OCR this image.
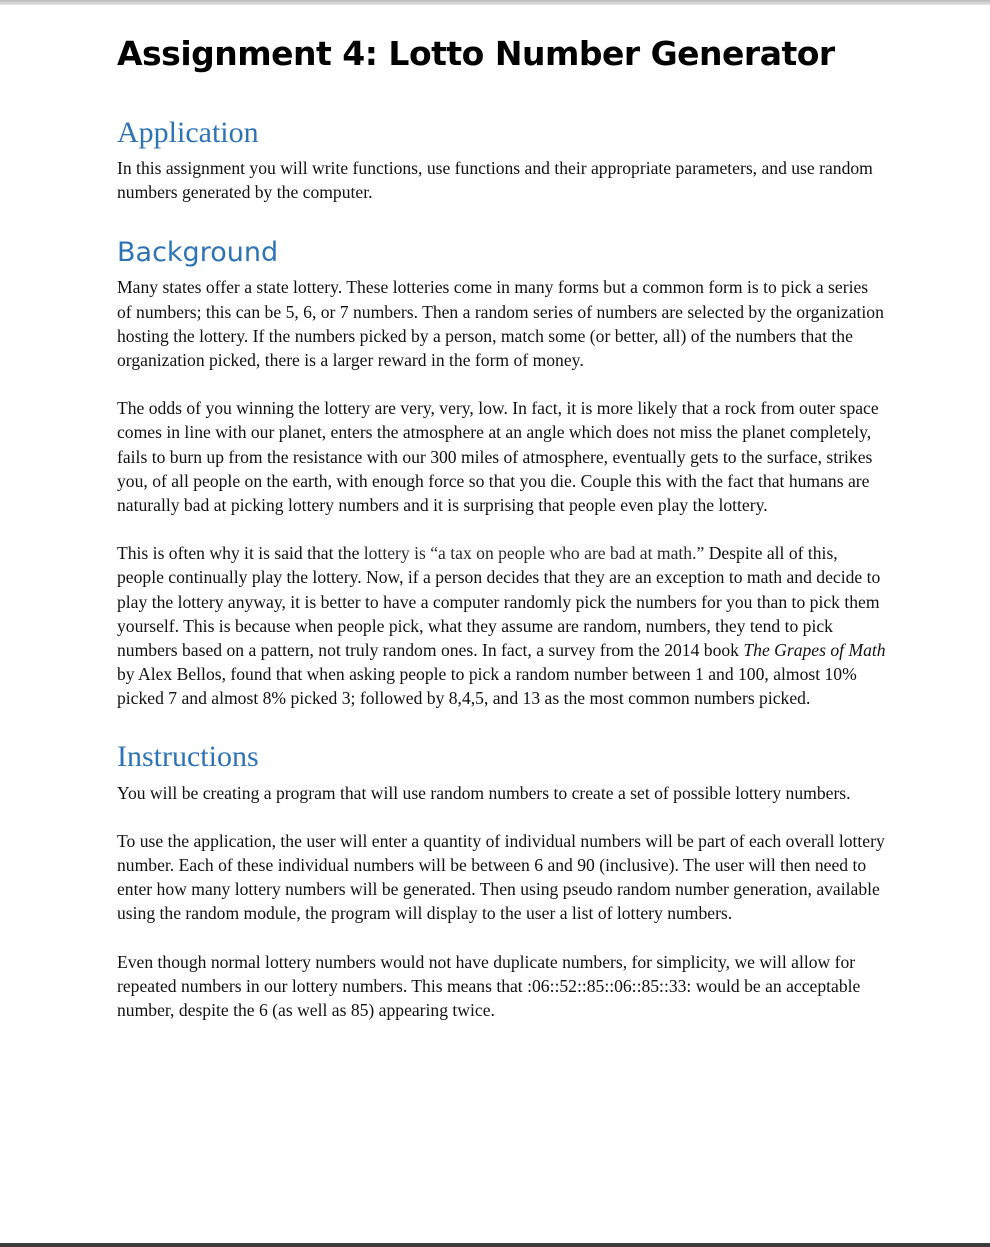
Assignment 4: Lotto Number Generator
Application

In this assignment you will write functions, use functions and their appropriate parameters, and use random numbers generated by the computer.

Background

Many states offer a state lottery. These lotteries come in many forms but a common form is to pick a series of numbers; this can be 5, 6, or 7 numbers. Then a random series of numbers are selected by the organization hosting the lottery. If the numbers picked by a person, match some (or better, all) of the numbers that the organization picked, there is a larger reward in the form of money.

The odds of you winning the lottery are very, very, low. In fact, it is more likely that a rock from outer space comes in line with our planet, enters the atmosphere at an angle which does not miss the planet completely, fails to burn up from the resistance with our 300 miles of atmosphere, eventually gets to the surface, strikes you, of all people on the earth, with enough force so that you die. Couple this with the fact that humans are naturally bad at picking lottery numbers and it is surprising that people even play the lottery.

This is often why it is said that the lottery is “a tax on people who are bad at math.” Despite all of this, people continually play the lottery. Now, if a person decides that they are an exception to math and decide to play the lottery anyway, it is better to have a computer randomly pick the numbers for you than to pick them yourself. This is because when people pick, what they assume are random, numbers, they tend to pick numbers based on a pattern, not truly random ones. In fact, a survey from the 2014 book The Grapes of Math by Alex Bellos, found that when asking people to pick a random number between 1 and 100, almost 10% picked 7 and almost 8% picked 3; followed by 8,4,5, and 13 as the most common numbers picked.

Instructions

You will be creating a program that will use random numbers to create a set of possible lottery numbers.

To use the application, the user will enter a quantity of individual numbers will be part of each overall lottery number. Each of these individual numbers will be between 6 and 90 (inclusive). The user will then need to enter how many lottery numbers will be generated. Then using pseudo random number generation, available using the random module, the program will display to the user a list of lottery numbers.

Even though normal lottery numbers would not have duplicate numbers, for simplicity, we will allow for repeated numbers in our lottery numbers. This means that :06::52::85::06::85::33: would be an acceptable number, despite the 6 (as well as 85) appearing twice.
